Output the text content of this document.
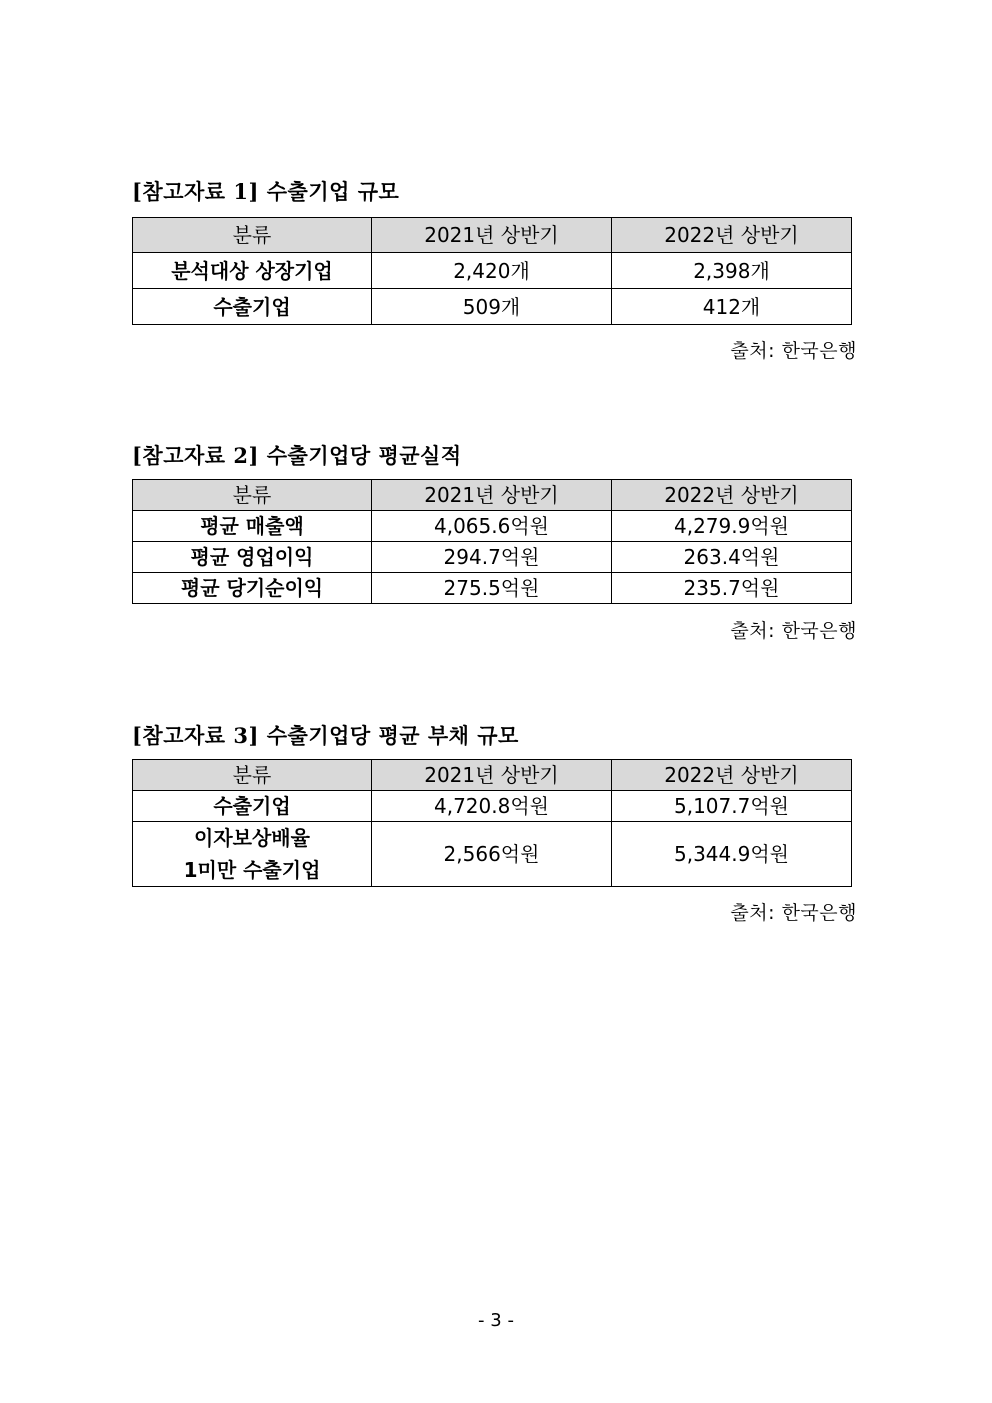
[참고자료 1] 수출기업 규모
분류	2021년 상반기	2022년 상반기
분석대상 상장기업	2,420개	2,398개
수출기업	509개	412개
출처: 한국은행
[참고자료 2] 수출기업당 평균실적
분류	2021년 상반기	2022년 상반기
평균 매출액	4,065.6억원	4,279.9억원
평균 영업이익	294.7억원	263.4억원
평균 당기순이익	275.5억원	235.7억원
출처: 한국은행
[참고자료 3] 수출기업당 평균 부채 규모
분류	2021년 상반기	2022년 상반기
수출기업	4,720.8억원	5,107.7억원

이자보상배율
1미만 수출기업	2,566억원	5,344.9억원
출처: 한국은행
- 3 -
